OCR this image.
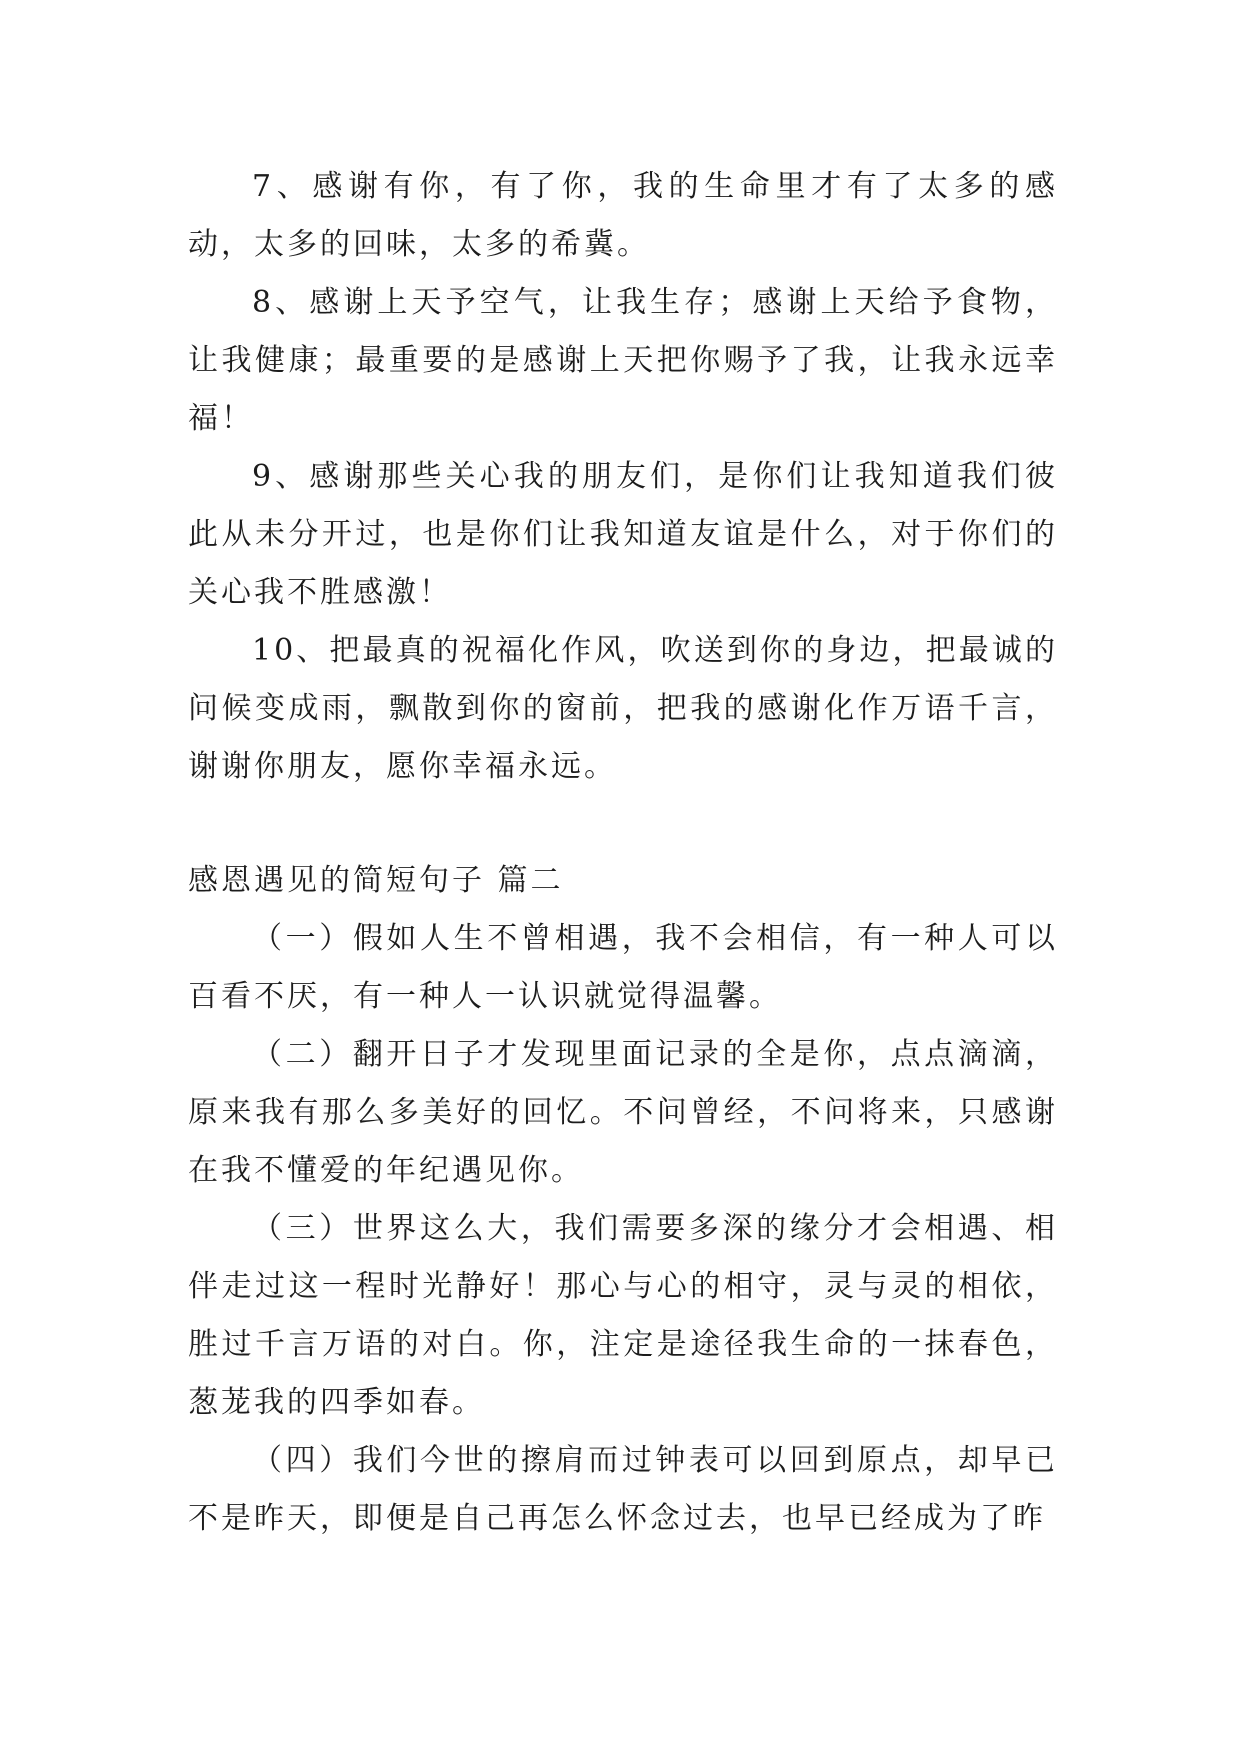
7、感谢有你，有了你，我的生命里才有了太多的感动，太多的回味，太多的希冀。

8、感谢上天予空气，让我生存；感谢上天给予食物，让我健康；最重要的是感谢上天把你赐予了我，让我永远幸福！

9、感谢那些关心我的朋友们，是你们让我知道我们彼此从未分开过，也是你们让我知道友谊是什么，对于你们的关心我不胜感激！

10、把最真的祝福化作风，吹送到你的身边，把最诚的问候变成雨，飘散到你的窗前，把我的感谢化作万语千言，谢谢你朋友，愿你幸福永远。

感恩遇见的简短句子 篇二

（一）假如人生不曾相遇，我不会相信，有一种人可以百看不厌，有一种人一认识就觉得温馨。

（二）翻开日子才发现里面记录的全是你，点点滴滴，原来我有那么多美好的回忆。不问曾经，不问将来，只感谢在我不懂爱的年纪遇见你。

（三）世界这么大，我们需要多深的缘分才会相遇、相伴走过这一程时光静好！那心与心的相守，灵与灵的相依，胜过千言万语的对白。你，注定是途径我生命的一抹春色，葱茏我的四季如春。

（四）我们今世的擦肩而过钟表可以回到原点，却早已不是昨天，即便是自己再怎么怀念过去，也早已经成为了昨
